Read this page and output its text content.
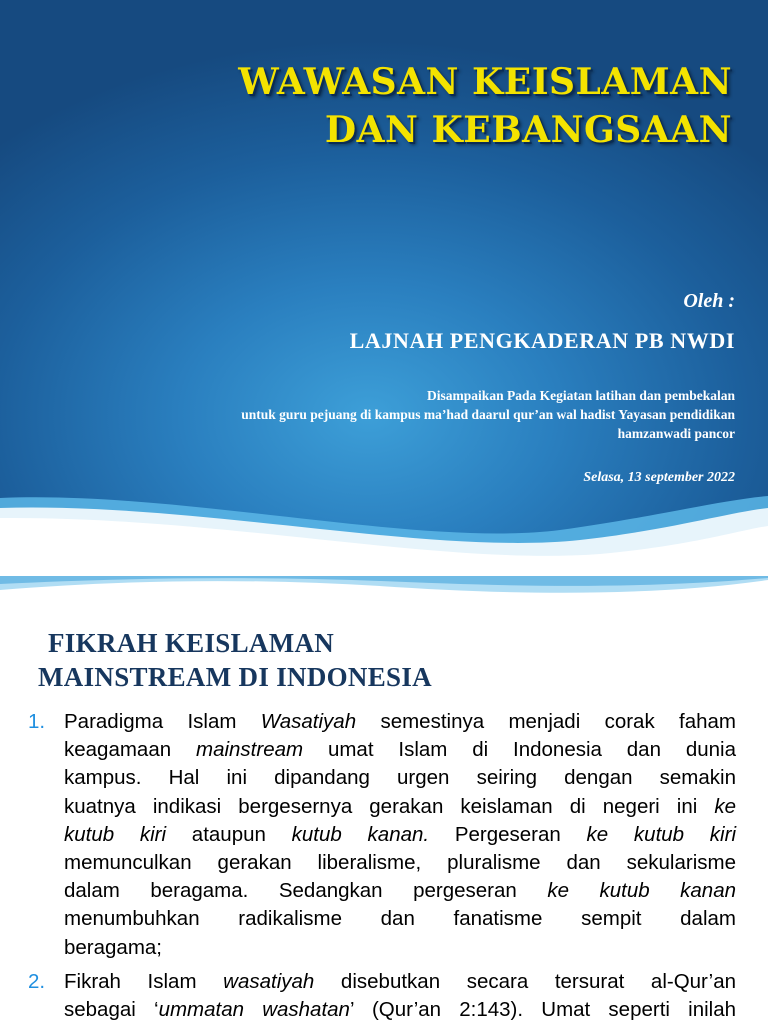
WAWASAN KEISLAMAN
DAN KEBANGSAAN
Oleh :
LAJNAH PENGKADERAN PB NWDI
Disampaikan Pada Kegiatan latihan dan pembekalan
untuk guru pejuang di kampus ma’had daarul qur’an wal hadist Yayasan pendidikan
hamzanwadi pancor
Selasa, 13 september 2022
FIKRAH KEISLAMAN
MAINSTREAM DI INDONESIA
1. Paradigma Islam Wasatiyah semestinya menjadi corak faham
keagamaan mainstream umat Islam di Indonesia dan dunia
kampus. Hal ini dipandang urgen seiring dengan semakin
kuatnya indikasi bergesernya gerakan keislaman di negeri ini ke
kutub kiri ataupun kutub kanan. Pergeseran ke kutub kiri
memunculkan gerakan liberalisme, pluralisme dan sekularisme
dalam beragama. Sedangkan pergeseran ke kutub kanan
menumbuhkan radikalisme dan fanatisme sempit dalam
beragama;
2. Fikrah Islam wasatiyah disebutkan secara tersurat al-Qur’an
sebagai ‘ummatan washatan’ (Qur’an 2:143). Umat seperti inilah
